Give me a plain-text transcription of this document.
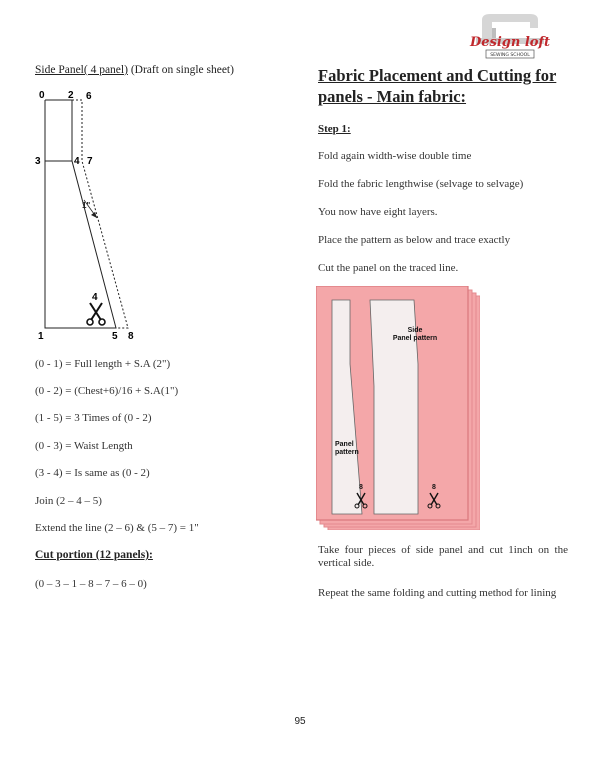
Design loft
SEWING SCHOOL
Side Panel( 4 panel) (Draft on single sheet)
1"
0 2 6
3	4 7
1	5 8
4
(0 - 1) = Full length + S.A (2")
(0 - 2) = (Chest+6)/16 + S.A(1")
(1 - 5) = 3 Times of (0 - 2)
(0 - 3) = Waist Length
(3 - 4) = Is same as (0 - 2)
Join (2 – 4 – 5)
Extend the line (2 – 6) & (5 – 7) = 1"
Cut portion (12 panels):
(0 – 3 – 1 – 8 – 7 – 6 – 0)
Fabric Placement and Cutting for panels - Main fabric:
Step 1:
Fold again width-wise double time
Fold the fabric lengthwise (selvage to selvage)
You now have eight layers.
Place the pattern as below and trace exactly
Cut the panel on the traced line.
Side Panel pattern
Panel pattern
8	8
Take four pieces of side panel and cut 1inch on the vertical side.
Repeat the same folding and cutting method for lining
95
